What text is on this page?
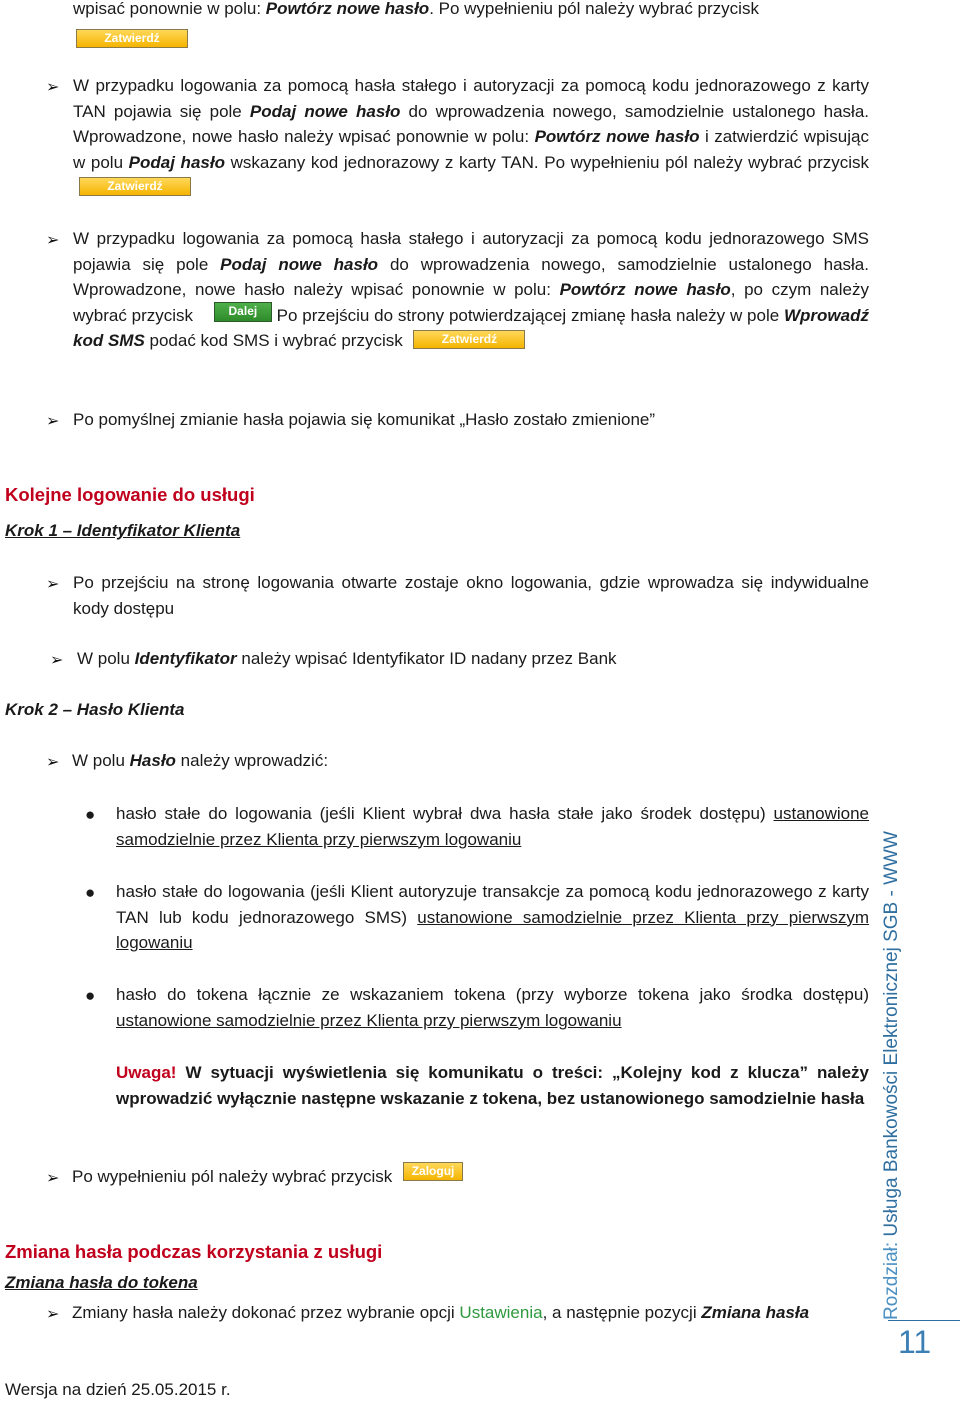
wpisać ponownie w polu: Powtórz nowe hasło. Po wypełnieniu pól należy wybrać przycisk
Zatwierdź
➢ W przypadku logowania za pomocą hasła stałego i autoryzacji za pomocą kodu jednorazowego z karty TAN pojawia się pole Podaj nowe hasło do wprowadzenia nowego, samodzielnie ustalonego hasła. Wprowadzone, nowe hasło należy wpisać ponownie w polu: Powtórz nowe hasło i zatwierdzić wpisując w polu Podaj hasło wskazany kod jednorazowy z karty TAN. Po wypełnieniu pól należy wybrać przycisk Zatwierdź
➢ W przypadku logowania za pomocą hasła stałego i autoryzacji za pomocą kodu jednorazowego SMS pojawia się pole Podaj nowe hasło do wprowadzenia nowego, samodzielnie ustalonego hasła. Wprowadzone, nowe hasło należy wpisać ponownie w polu: Powtórz nowe hasło, po czym należy wybrać przycisk	Dalej Po przejściu do strony potwierdzającej zmianę hasła należy w pole Wprowadź kod SMS podać kod SMS i wybrać przycisk	Zatwierdź
➢ Po pomyślnej zmianie hasła pojawia się komunikat „Hasło zostało zmienione”
Kolejne logowanie do usługi
Krok 1 – Identyfikator Klienta
➢ Po przejściu na stronę logowania otwarte zostaje okno logowania, gdzie wprowadza się indywidualne kody dostępu
➢ W polu Identyfikator należy wpisać Identyfikator ID nadany przez Bank
Krok 2 – Hasło Klienta
➢ W polu Hasło należy wprowadzić:
● hasło stałe do logowania (jeśli Klient wybrał dwa hasła stałe jako środek dostępu) ustanowione samodzielnie przez Klienta przy pierwszym logowaniu
● hasło stałe do logowania (jeśli Klient autoryzuje transakcje za pomocą kodu jednorazowego z karty TAN lub kodu jednorazowego SMS) ustanowione samodzielnie przez Klienta przy pierwszym logowaniu
● hasło do tokena łącznie ze wskazaniem tokena (przy wyborze tokena jako środka dostępu) ustanowione samodzielnie przez Klienta przy pierwszym logowaniu
Uwaga! W sytuacji wyświetlenia się komunikatu o treści: „Kolejny kod z klucza” należy wprowadzić wyłącznie następne wskazanie z tokena, bez ustanowionego samodzielnie hasła
➢ Po wypełnieniu pól należy wybrać przycisk Zaloguj
Zmiana hasła podczas korzystania z usługi
Zmiana hasła do tokena
➢ Zmiany hasła należy dokonać przez wybranie opcji Ustawienia, a następnie pozycji Zmiana hasła
Wersja na dzień 25.05.2015 r.
Rozdział: Usługa Bankowości Elektronicznej SGB - WWW
11
